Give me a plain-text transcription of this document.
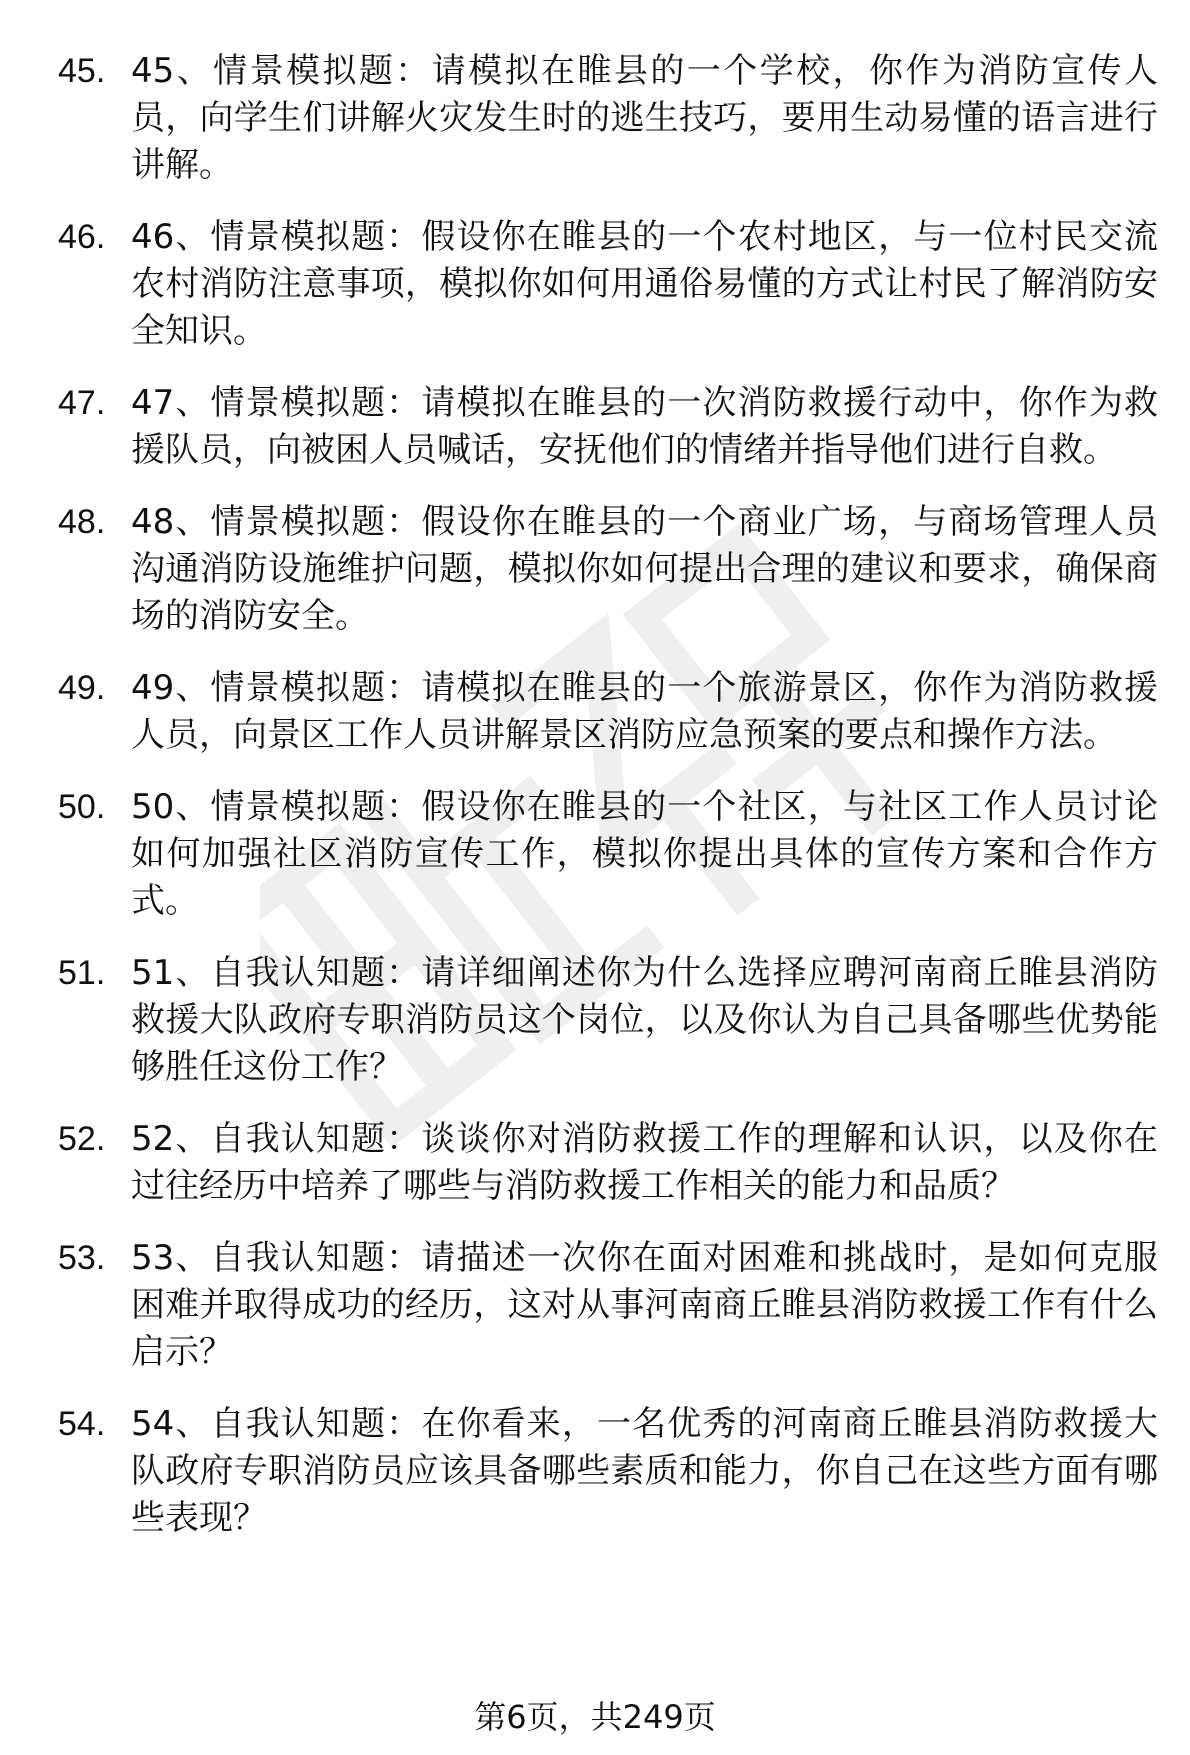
45. 45、情景模拟题：请模拟在睢县的一个学校，你作为消防宣传人员，向学生们讲解火灾发生时的逃生技巧，要用生动易懂的语言进行讲解。
46. 46、情景模拟题：假设你在睢县的一个农村地区，与一位村民交流农村消防注意事项，模拟你如何用通俗易懂的方式让村民了解消防安全知识。
47. 47、情景模拟题：请模拟在睢县的一次消防救援行动中，你作为救援队员，向被困人员喊话，安抚他们的情绪并指导他们进行自救。
48. 48、情景模拟题：假设你在睢县的一个商业广场，与商场管理人员沟通消防设施维护问题，模拟你如何提出合理的建议和要求，确保商场的消防安全。
49. 49、情景模拟题：请模拟在睢县的一个旅游景区，你作为消防救援人员，向景区工作人员讲解景区消防应急预案的要点和操作方法。
50. 50、情景模拟题：假设你在睢县的一个社区，与社区工作人员讨论如何加强社区消防宣传工作，模拟你提出具体的宣传方案和合作方式。
51. 51、自我认知题：请详细阐述你为什么选择应聘河南商丘睢县消防救援大队政府专职消防员这个岗位，以及你认为自己具备哪些优势能够胜任这份工作？
52. 52、自我认知题：谈谈你对消防救援工作的理解和认识，以及你在过往经历中培养了哪些与消防救援工作相关的能力和品质？
53. 53、自我认知题：请描述一次你在面对困难和挑战时，是如何克服困难并取得成功的经历，这对从事河南商丘睢县消防救援工作有什么启示？
54. 54、自我认知题：在你看来，一名优秀的河南商丘睢县消防救援大队政府专职消防员应该具备哪些素质和能力，你自己在这些方面有哪些表现？
第6页，共249页
